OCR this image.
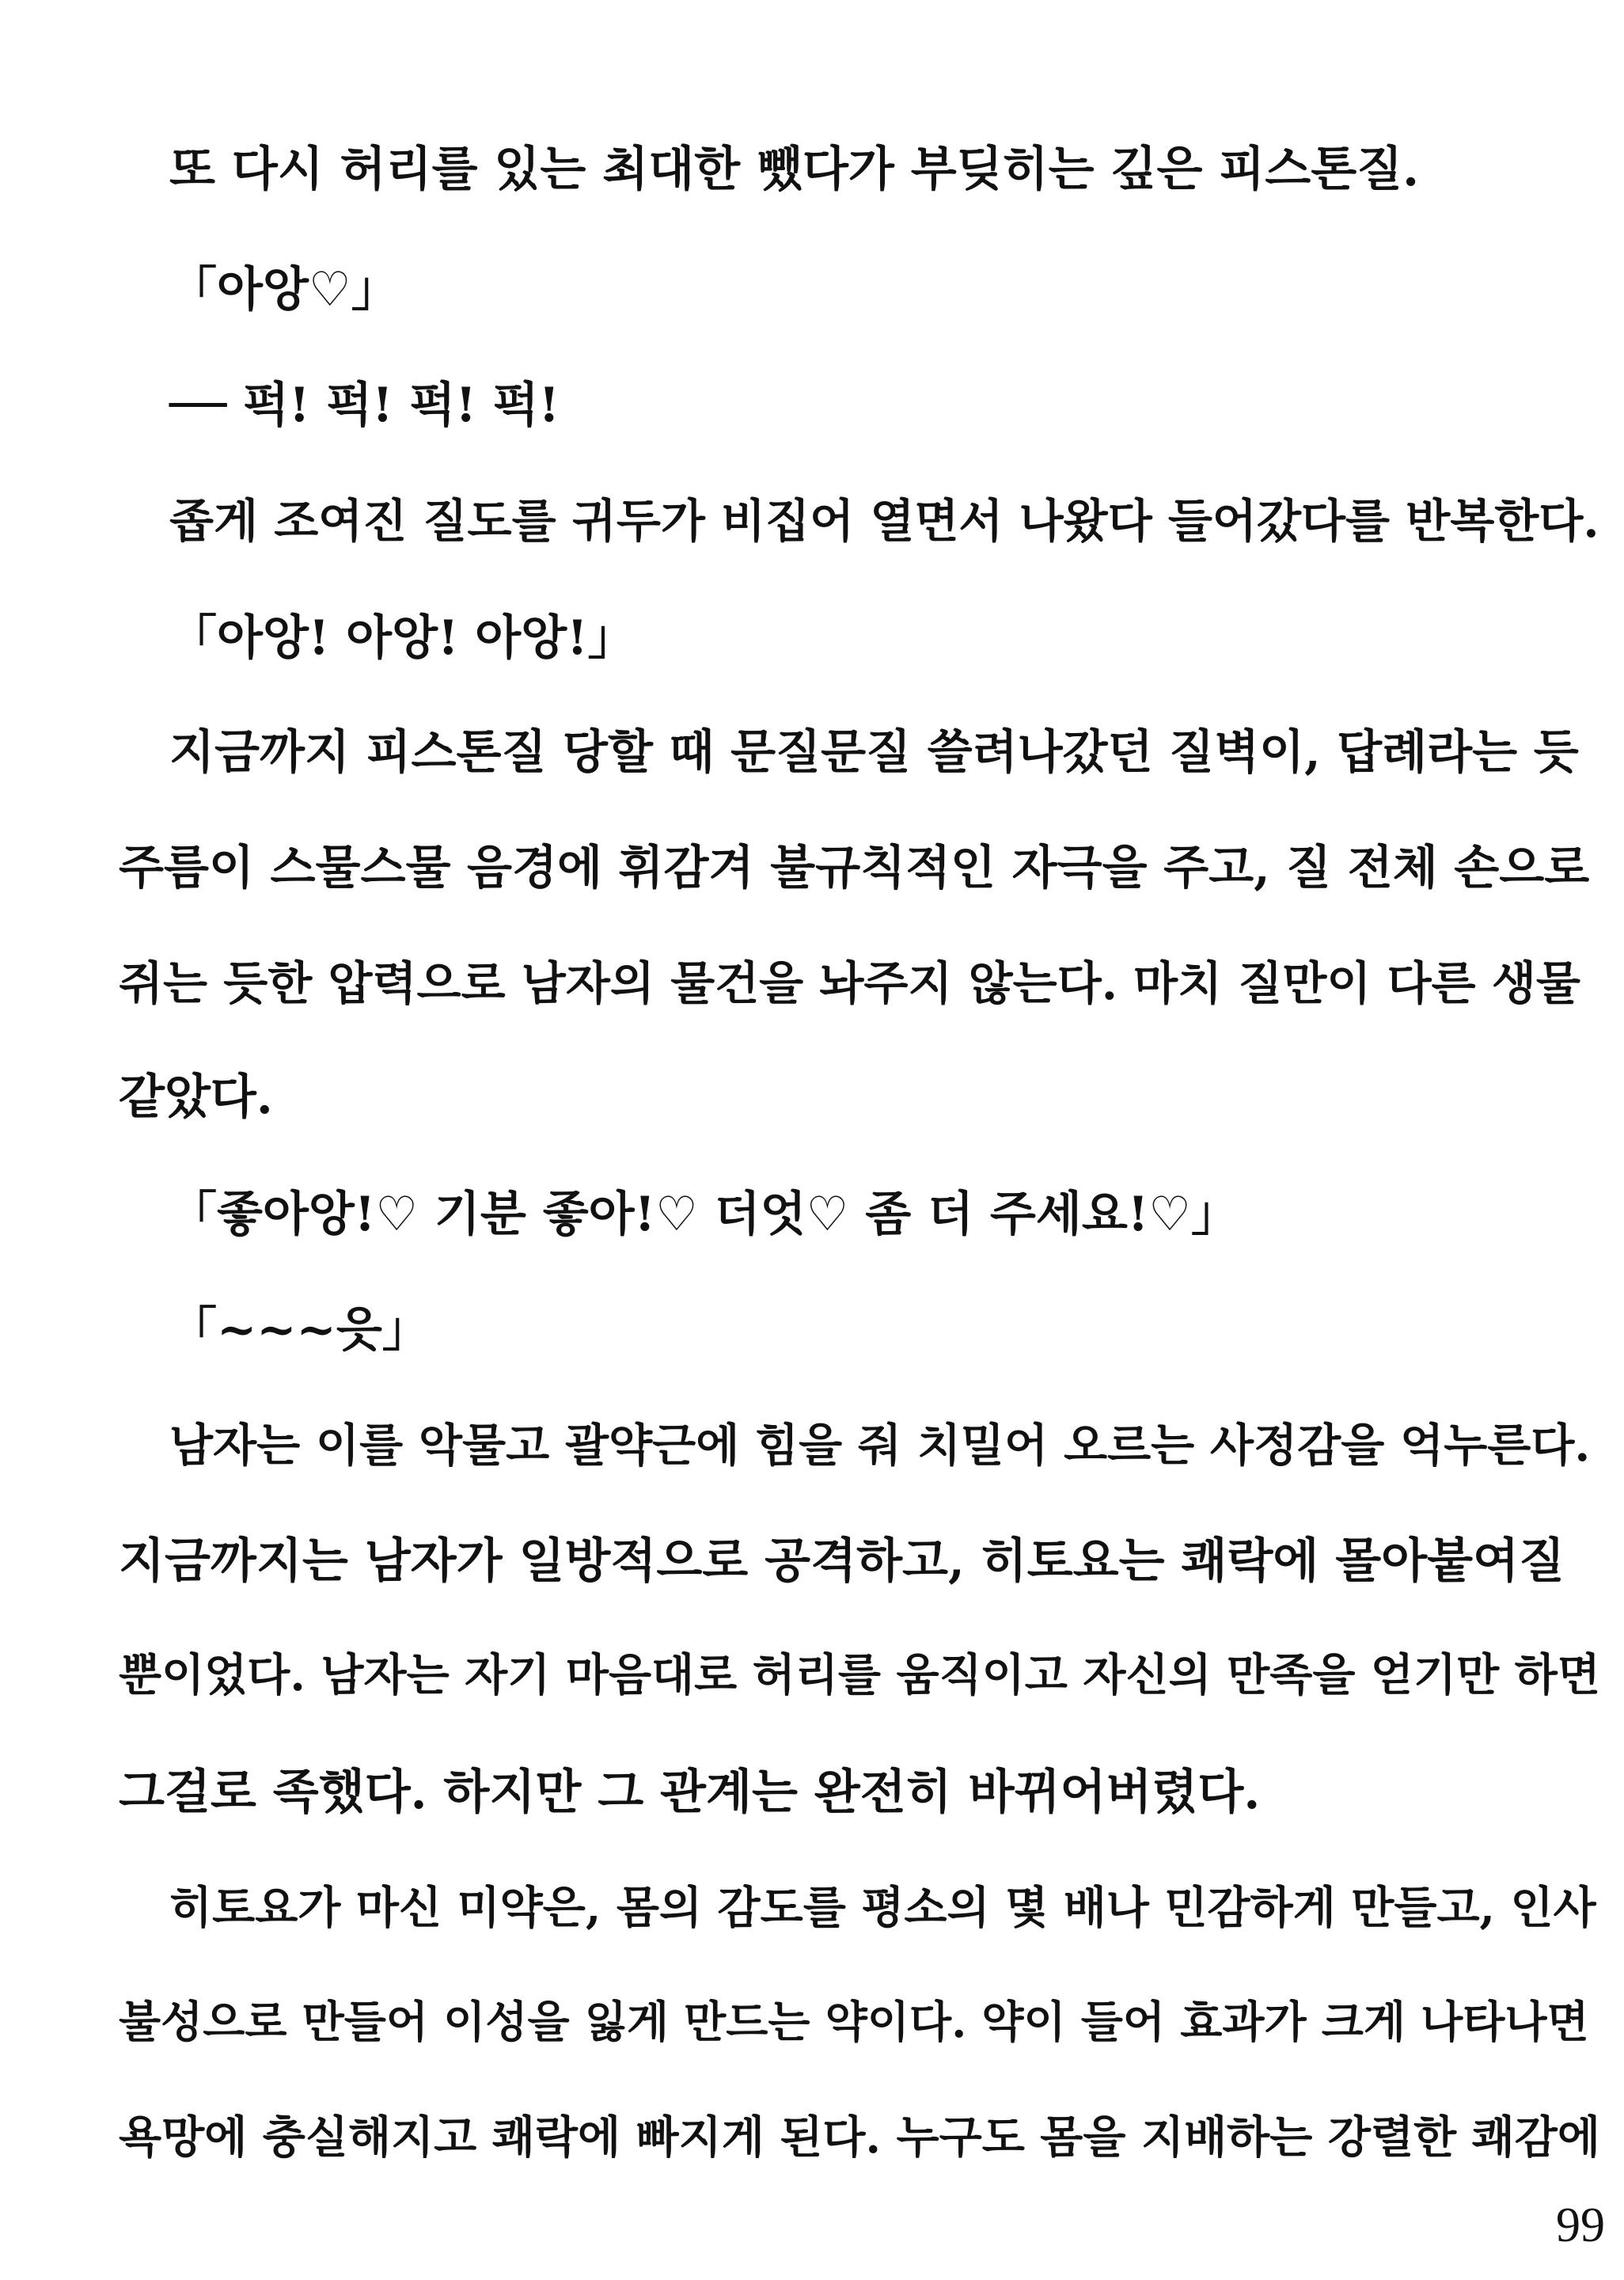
또 다시 허리를 있는 최대한 뺐다가 부딪히는 깊은 피스톤질.
「아앙♡」
── 퍽! 퍽! 퍽! 퍽!
좁게 조여진 질도를 귀두가 비집어 열면서 나왔다 들어갔다를 반복한다.
「아앙! 아앙! 아앙!」
지금까지 피스톤질 당할 때 문질문질 쓸려나갔던 질벽이, 답례라는 듯
주름이 스물스물 음경에 휘감겨 불규칙적인 자극을 주고, 질 전체 손으로
쥐는 듯한 압력으로 남자의 물건을 놔주지 않는다. 마치 질만이 다른 생물
같았다.
「좋아앙!♡ 기분 좋아!♡ 더엇♡ 좀 더 주세요!♡」
「~~~읏」
남자는 이를 악물고 괄약근에 힘을 줘 치밀어 오르는 사정감을 억누른다.
지금까지는 남자가 일방적으로 공격하고, 히토요는 쾌락에 몰아붙여질
뿐이었다. 남자는 자기 마음대로 허리를 움직이고 자신의 만족을 얻기만 하면
그걸로 족했다. 하지만 그 관계는 완전히 바뀌어버렸다.
히토요가 마신 미약은, 몸의 감도를 평소의 몇 배나 민감하게 만들고, 인사
불성으로 만들어 이성을 잃게 만드는 약이다. 약이 들어 효과가 크게 나타나면
욕망에 충실해지고 쾌락에 빠지게 된다. 누구도 몸을 지배하는 강렬한 쾌감에
99
